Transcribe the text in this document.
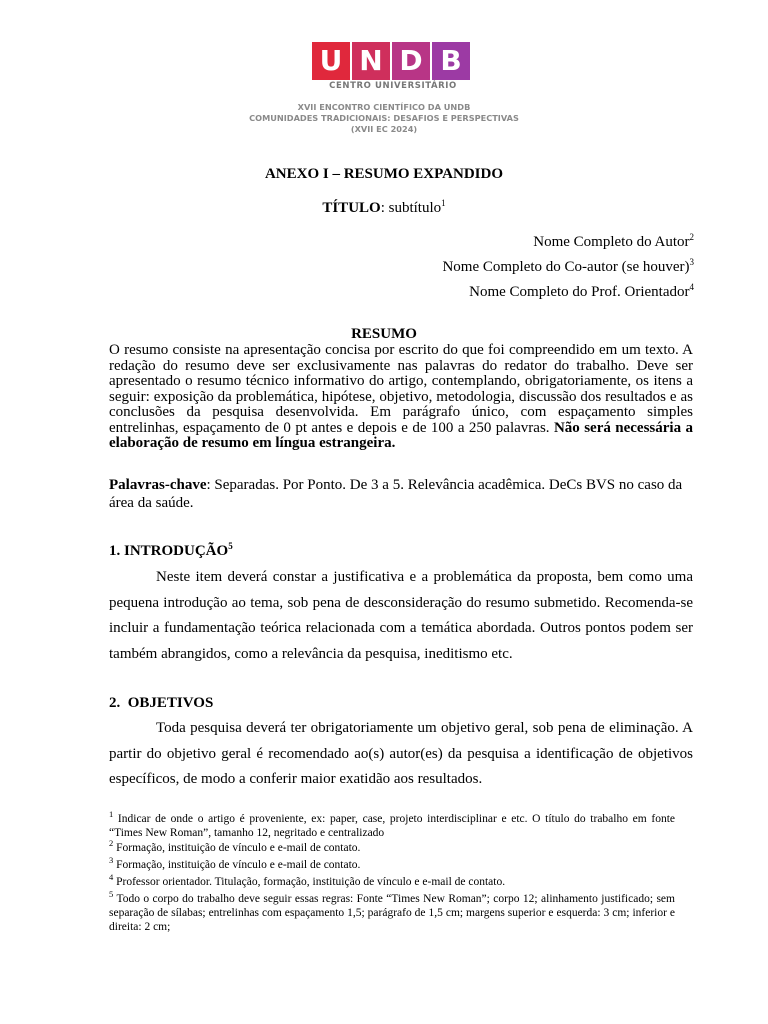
U N D B
CENTRO UNIVERSITÁRIO
XVII ENCONTRO CIENTÍFICO DA UNDB
COMUNIDADES TRADICIONAIS: DESAFIOS E PERSPECTIVAS
(XVII EC 2024)
ANEXO I – RESUMO EXPANDIDO
TÍTULO: subtítulo$^1$
Nome Completo do Autor$^2$
Nome Completo do Co-autor (se houver)$^3$
Nome Completo do Prof. Orientador$^4$
RESUMO
O resumo consiste na apresentação concisa por escrito do que foi compreendido em um texto. A redação do resumo deve ser exclusivamente nas palavras do redator do trabalho. Deve ser apresentado o resumo técnico informativo do artigo, contemplando, obrigatoriamente, os itens a seguir: exposição da problemática, hipótese, objetivo, metodologia, discussão dos resultados e as conclusões da pesquisa desenvolvida. Em parágrafo único, com espaçamento simples entrelinhas, espaçamento de 0 pt antes e depois e de 100 a 250 palavras. Não será necessária a elaboração de resumo em língua estrangeira.
Palavras-chave: Separadas. Por Ponto. De 3 a 5. Relevância acadêmica. DeCs BVS no caso da área da saúde.
1. INTRODUÇÃO$^5$
Neste item deverá constar a justificativa e a problemática da proposta, bem como uma pequena introdução ao tema, sob pena de desconsideração do resumo submetido. Recomenda-se incluir a fundamentação teórica relacionada com a temática abordada. Outros pontos podem ser também abrangidos, como a relevância da pesquisa, ineditismo etc.
2.  OBJETIVOS
Toda pesquisa deverá ter obrigatoriamente um objetivo geral, sob pena de eliminação. A partir do objetivo geral é recomendado ao(s) autor(es) da pesquisa a identificação de objetivos específicos, de modo a conferir maior exatidão aos resultados.
$^1$ Indicar de onde o artigo é proveniente, ex: paper, case, projeto interdisciplinar e etc. O título do trabalho em fonte “Times New Roman”, tamanho 12, negritado e centralizado
$^2$ Formação, instituição de vínculo e e-mail de contato.
$^3$ Formação, instituição de vínculo e e-mail de contato.
$^4$ Professor orientador. Titulação, formação, instituição de vínculo e e-mail de contato.
$^5$ Todo o corpo do trabalho deve seguir essas regras: Fonte “Times New Roman”; corpo 12; alinhamento justificado; sem separação de sílabas; entrelinhas com espaçamento 1,5; parágrafo de 1,5 cm; margens superior e esquerda: 3 cm; inferior e direita: 2 cm;
